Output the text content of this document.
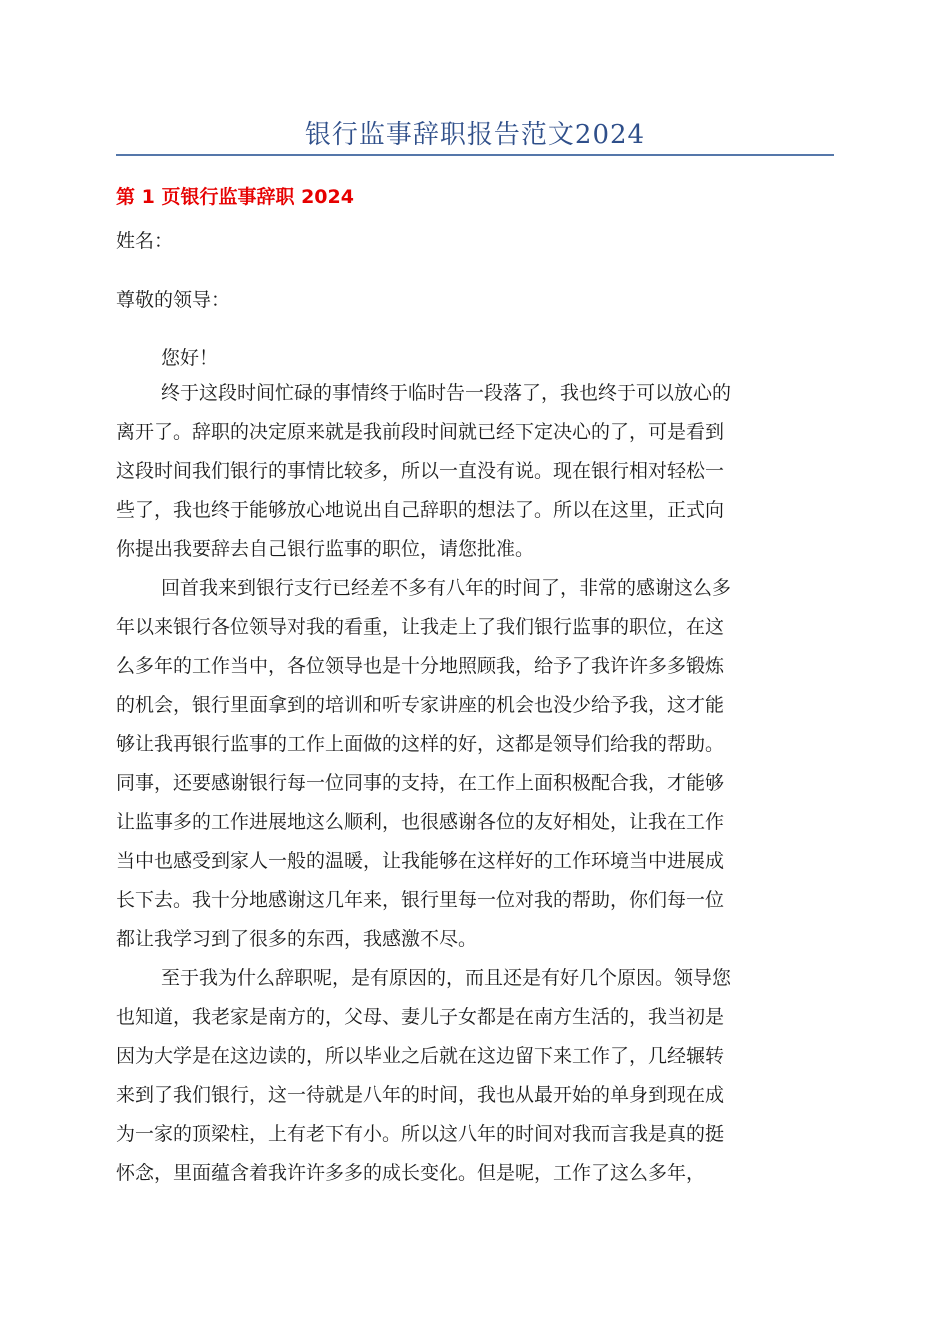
银行监事辞职报告范文2024
第 1 页银行监事辞职 2024

姓名：

尊敬的领导：

您好！

终于这段时间忙碌的事情终于临时告一段落了，我也终于可以放心的
离开了。辞职的决定原来就是我前段时间就已经下定决心的了，可是看到
这段时间我们银行的事情比较多，所以一直没有说。现在银行相对轻松一
些了，我也终于能够放心地说出自己辞职的想法了。所以在这里，正式向
你提出我要辞去自己银行监事的职位，请您批准。
回首我来到银行支行已经差不多有八年的时间了，非常的感谢这么多
年以来银行各位领导对我的看重，让我走上了我们银行监事的职位，在这
么多年的工作当中，各位领导也是十分地照顾我，给予了我许许多多锻炼
的机会，银行里面拿到的培训和听专家讲座的机会也没少给予我，这才能
够让我再银行监事的工作上面做的这样的好，这都是领导们给我的帮助。
同事，还要感谢银行每一位同事的支持，在工作上面积极配合我，才能够
让监事多的工作进展地这么顺利，也很感谢各位的友好相处，让我在工作
当中也感受到家人一般的温暖，让我能够在这样好的工作环境当中进展成
长下去。我十分地感谢这几年来，银行里每一位对我的帮助，你们每一位
都让我学习到了很多的东西，我感激不尽。
至于我为什么辞职呢，是有原因的，而且还是有好几个原因。领导您
也知道，我老家是南方的，父母、妻儿子女都是在南方生活的，我当初是
因为大学是在这边读的，所以毕业之后就在这边留下来工作了，几经辗转
来到了我们银行，这一待就是八年的时间，我也从最开始的单身到现在成
为一家的顶梁柱，上有老下有小。所以这八年的时间对我而言我是真的挺
怀念，里面蕴含着我许许多多的成长变化。但是呢，工作了这么多年，
